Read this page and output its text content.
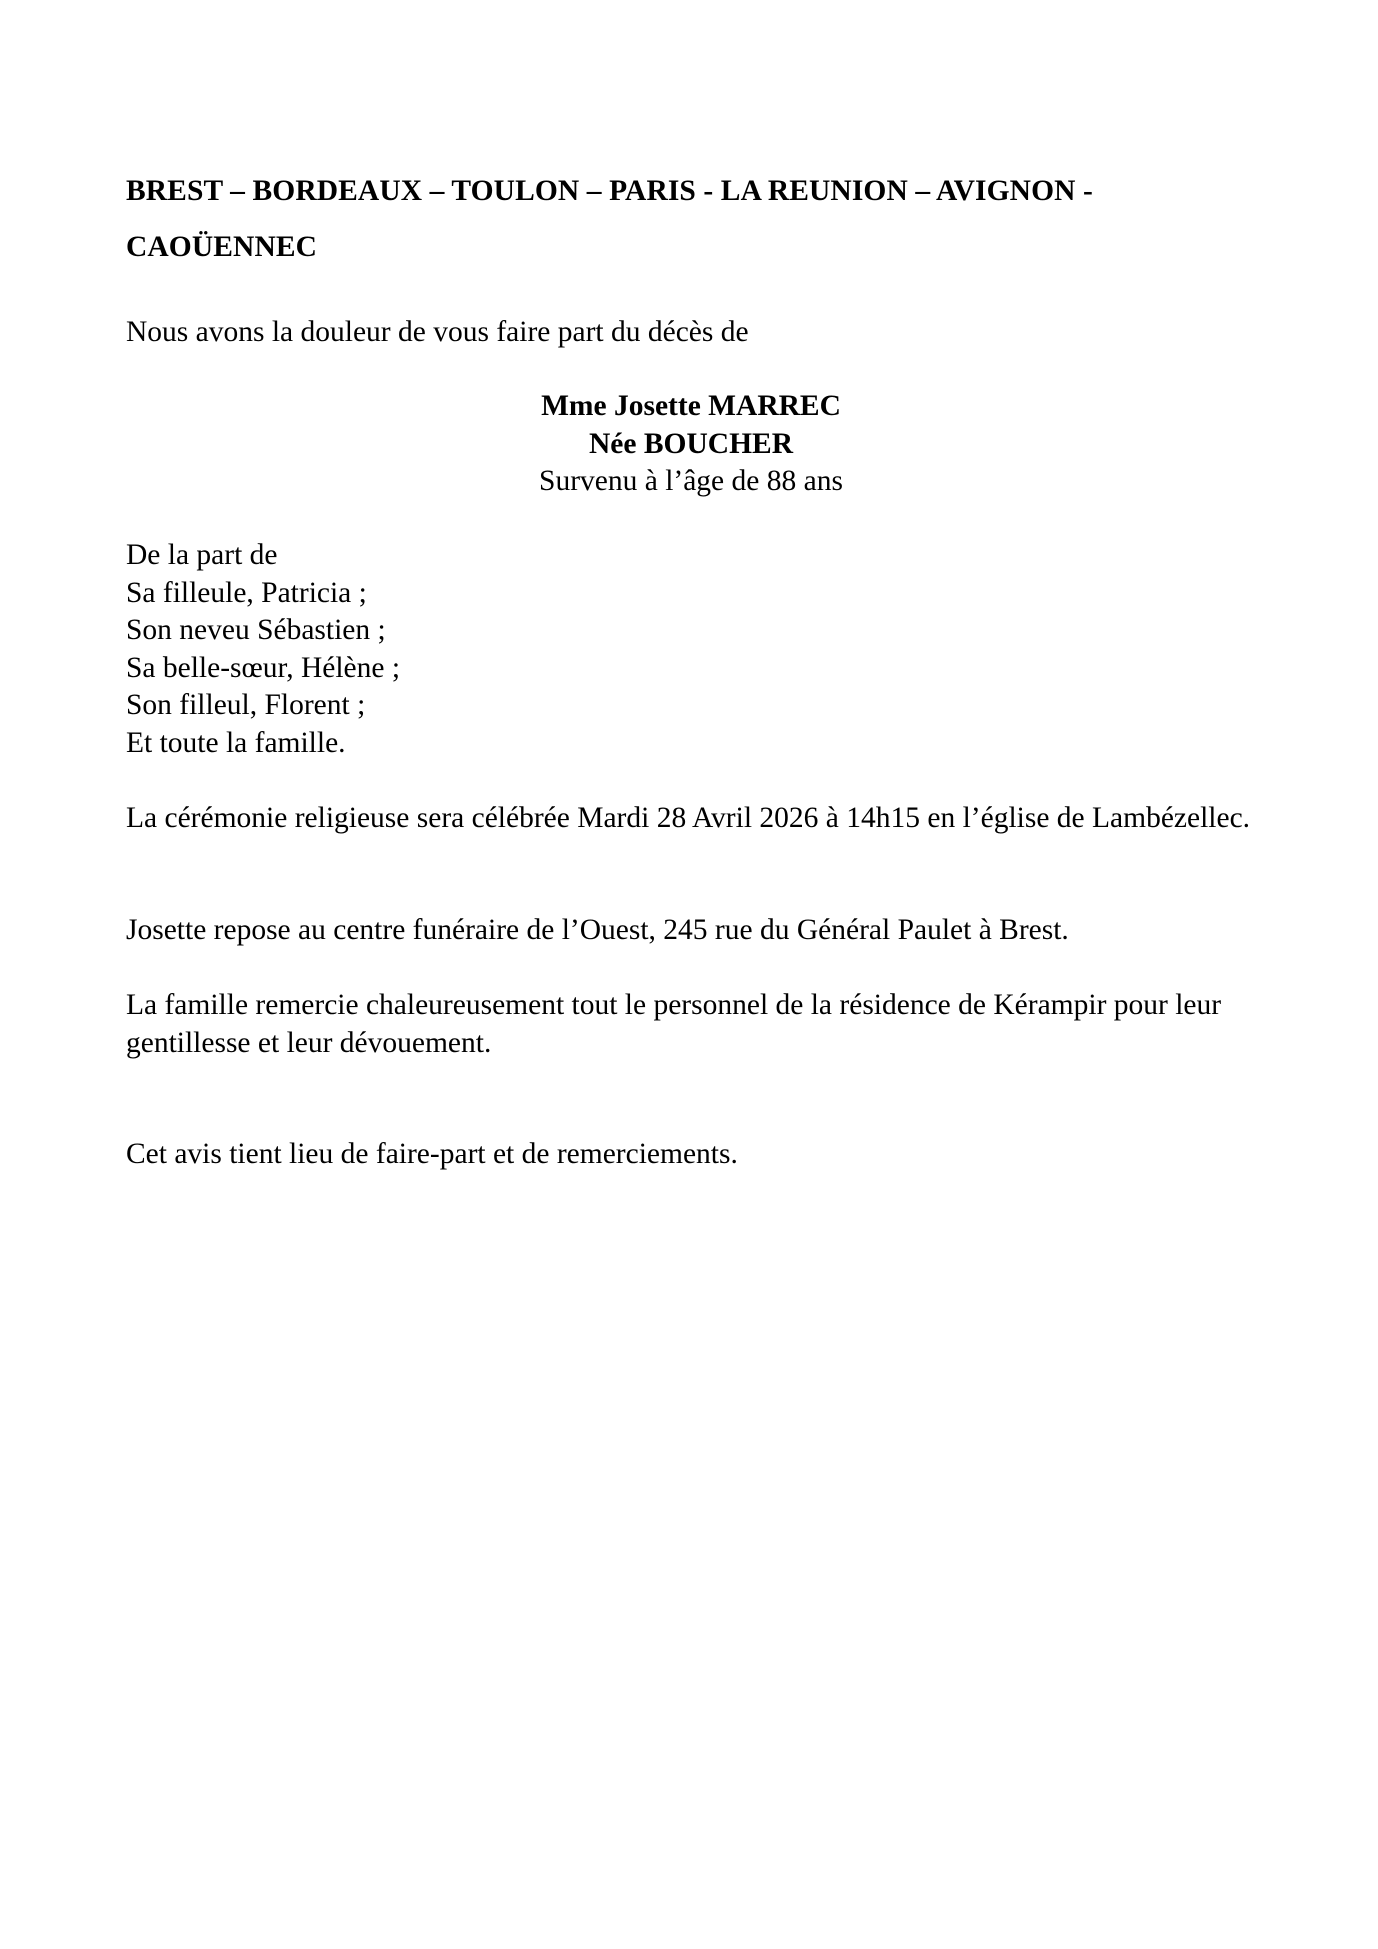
BREST – BORDEAUX – TOULON – PARIS - LA REUNION – AVIGNON - CAOÜENNEC
Nous avons la douleur de vous faire part du décès de
Mme Josette MARREC
Née BOUCHER
Survenu à l’âge de 88 ans
De la part de
Sa filleule, Patricia ;
Son neveu Sébastien ;
Sa belle-sœur, Hélène ;
Son filleul, Florent ;
Et toute la famille.
La cérémonie religieuse sera célébrée Mardi 28 Avril 2026 à 14h15 en l’église de Lambézellec.
Josette repose au centre funéraire de l’Ouest, 245 rue du Général Paulet à Brest.
La famille remercie chaleureusement tout le personnel de la résidence de Kérampir pour leur gentillesse et leur dévouement.
Cet avis tient lieu de faire-part et de remerciements.
